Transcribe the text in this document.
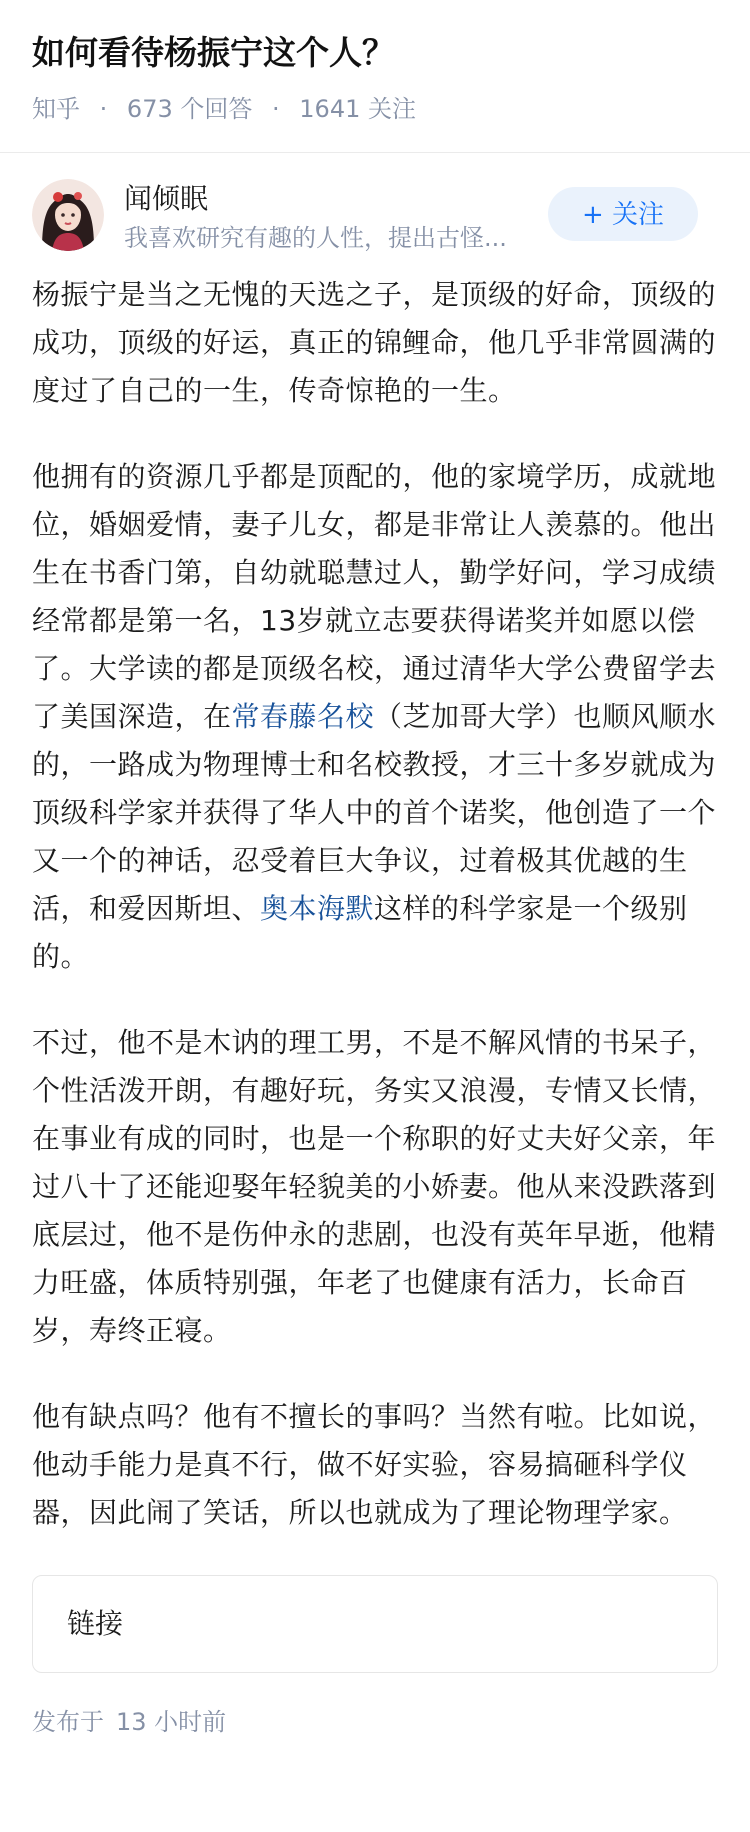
如何看待杨振宁这个人？
知乎 · 673 个回答 · 1641 关注
闻倾眠
我喜欢研究有趣的人性，提出古怪...
+ 关注

杨振宁是当之无愧的天选之子，是顶级的好命，顶级的成功，顶级的好运，真正的锦鲤命，他几乎非常圆满的度过了自己的一生，传奇惊艳的一生。

他拥有的资源几乎都是顶配的，他的家境学历，成就地位，婚姻爱情，妻子儿女，都是非常让人羡慕的。他出生在书香门第，自幼就聪慧过人，勤学好问，学习成绩经常都是第一名，13岁就立志要获得诺奖并如愿以偿了。大学读的都是顶级名校，通过清华大学公费留学去了美国深造，在常春藤名校（芝加哥大学）也顺风顺水的，一路成为物理博士和名校教授，才三十多岁就成为顶级科学家并获得了华人中的首个诺奖，他创造了一个又一个的神话，忍受着巨大争议，过着极其优越的生活，和爱因斯坦、奥本海默这样的科学家是一个级别的。

不过，他不是木讷的理工男，不是不解风情的书呆子，个性活泼开朗，有趣好玩，务实又浪漫，专情又长情，在事业有成的同时，也是一个称职的好丈夫好父亲，年过八十了还能迎娶年轻貌美的小娇妻。他从来没跌落到底层过，他不是伤仲永的悲剧，也没有英年早逝，他精力旺盛，体质特别强，年老了也健康有活力，长命百岁，寿终正寝。

他有缺点吗？他有不擅长的事吗？当然有啦。比如说，他动手能力是真不行，做不好实验，容易搞砸科学仪器，因此闹了笑话，所以也就成为了理论物理学家。

链接
发布于 13 小时前
